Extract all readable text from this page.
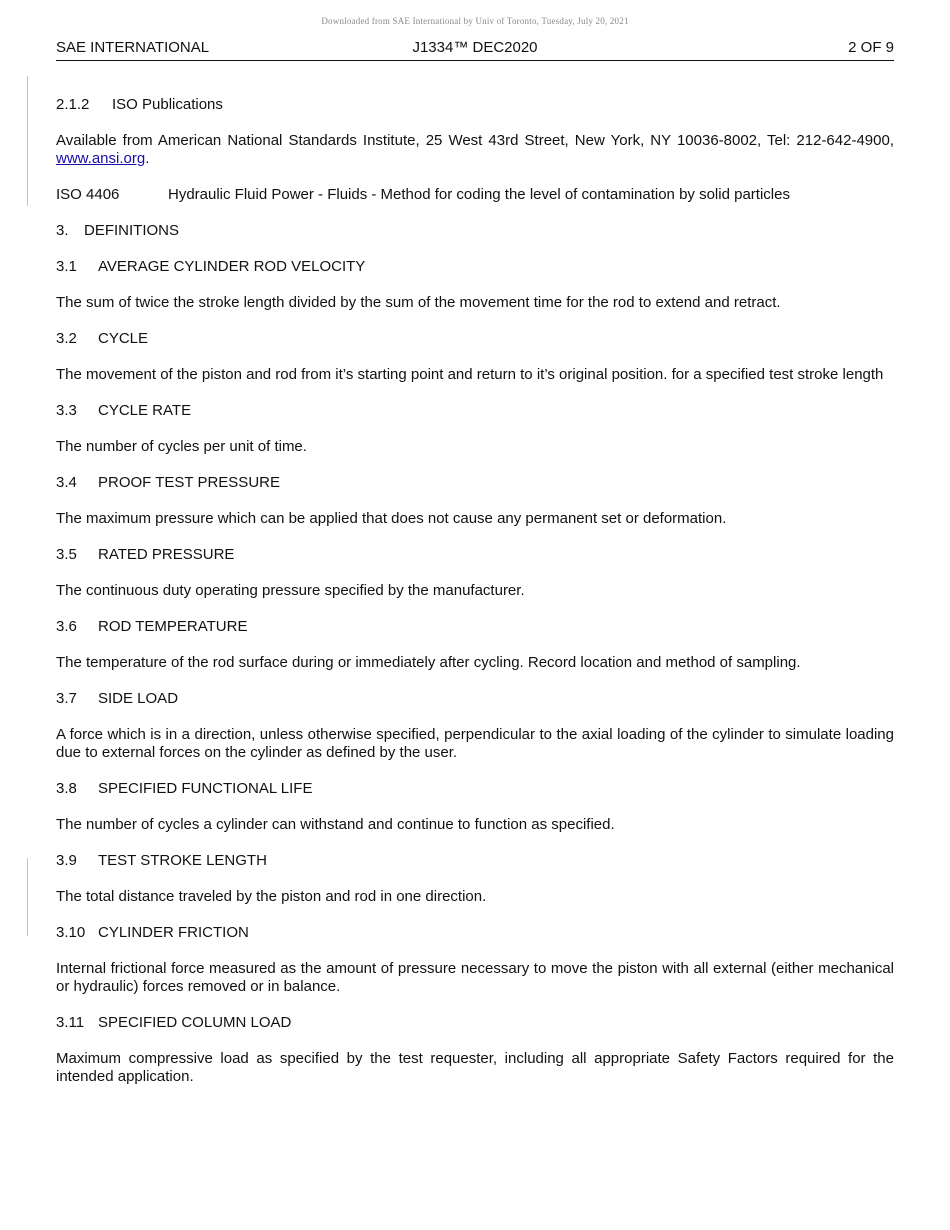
Downloaded from SAE International by Univ of Toronto, Tuesday, July 20, 2021
SAE INTERNATIONAL	J1334™ DEC2020	2 OF 9
2.1.2 ISO Publications
Available from American National Standards Institute, 25 West 43rd Street, New York, NY 10036-8002, Tel: 212-642-4900, www.ansi.org.
ISO 4406	Hydraulic Fluid Power - Fluids - Method for coding the level of contamination by solid particles
3. DEFINITIONS
3.1 AVERAGE CYLINDER ROD VELOCITY
The sum of twice the stroke length divided by the sum of the movement time for the rod to extend and retract.
3.2 CYCLE
The movement of the piston and rod from it’s starting point and return to it’s original position. for a specified test stroke length
3.3 CYCLE RATE
The number of cycles per unit of time.
3.4 PROOF TEST PRESSURE
The maximum pressure which can be applied that does not cause any permanent set or deformation.
3.5 RATED PRESSURE
The continuous duty operating pressure specified by the manufacturer.
3.6 ROD TEMPERATURE
The temperature of the rod surface during or immediately after cycling. Record location and method of sampling.
3.7 SIDE LOAD
A force which is in a direction, unless otherwise specified, perpendicular to the axial loading of the cylinder to simulate loading due to external forces on the cylinder as defined by the user.
3.8 SPECIFIED FUNCTIONAL LIFE
The number of cycles a cylinder can withstand and continue to function as specified.
3.9 TEST STROKE LENGTH
The total distance traveled by the piston and rod in one direction.
3.10 CYLINDER FRICTION
Internal frictional force measured as the amount of pressure necessary to move the piston with all external (either mechanical or hydraulic) forces removed or in balance.
3.11 SPECIFIED COLUMN LOAD
Maximum compressive load as specified by the test requester, including all appropriate Safety Factors required for the intended application.
